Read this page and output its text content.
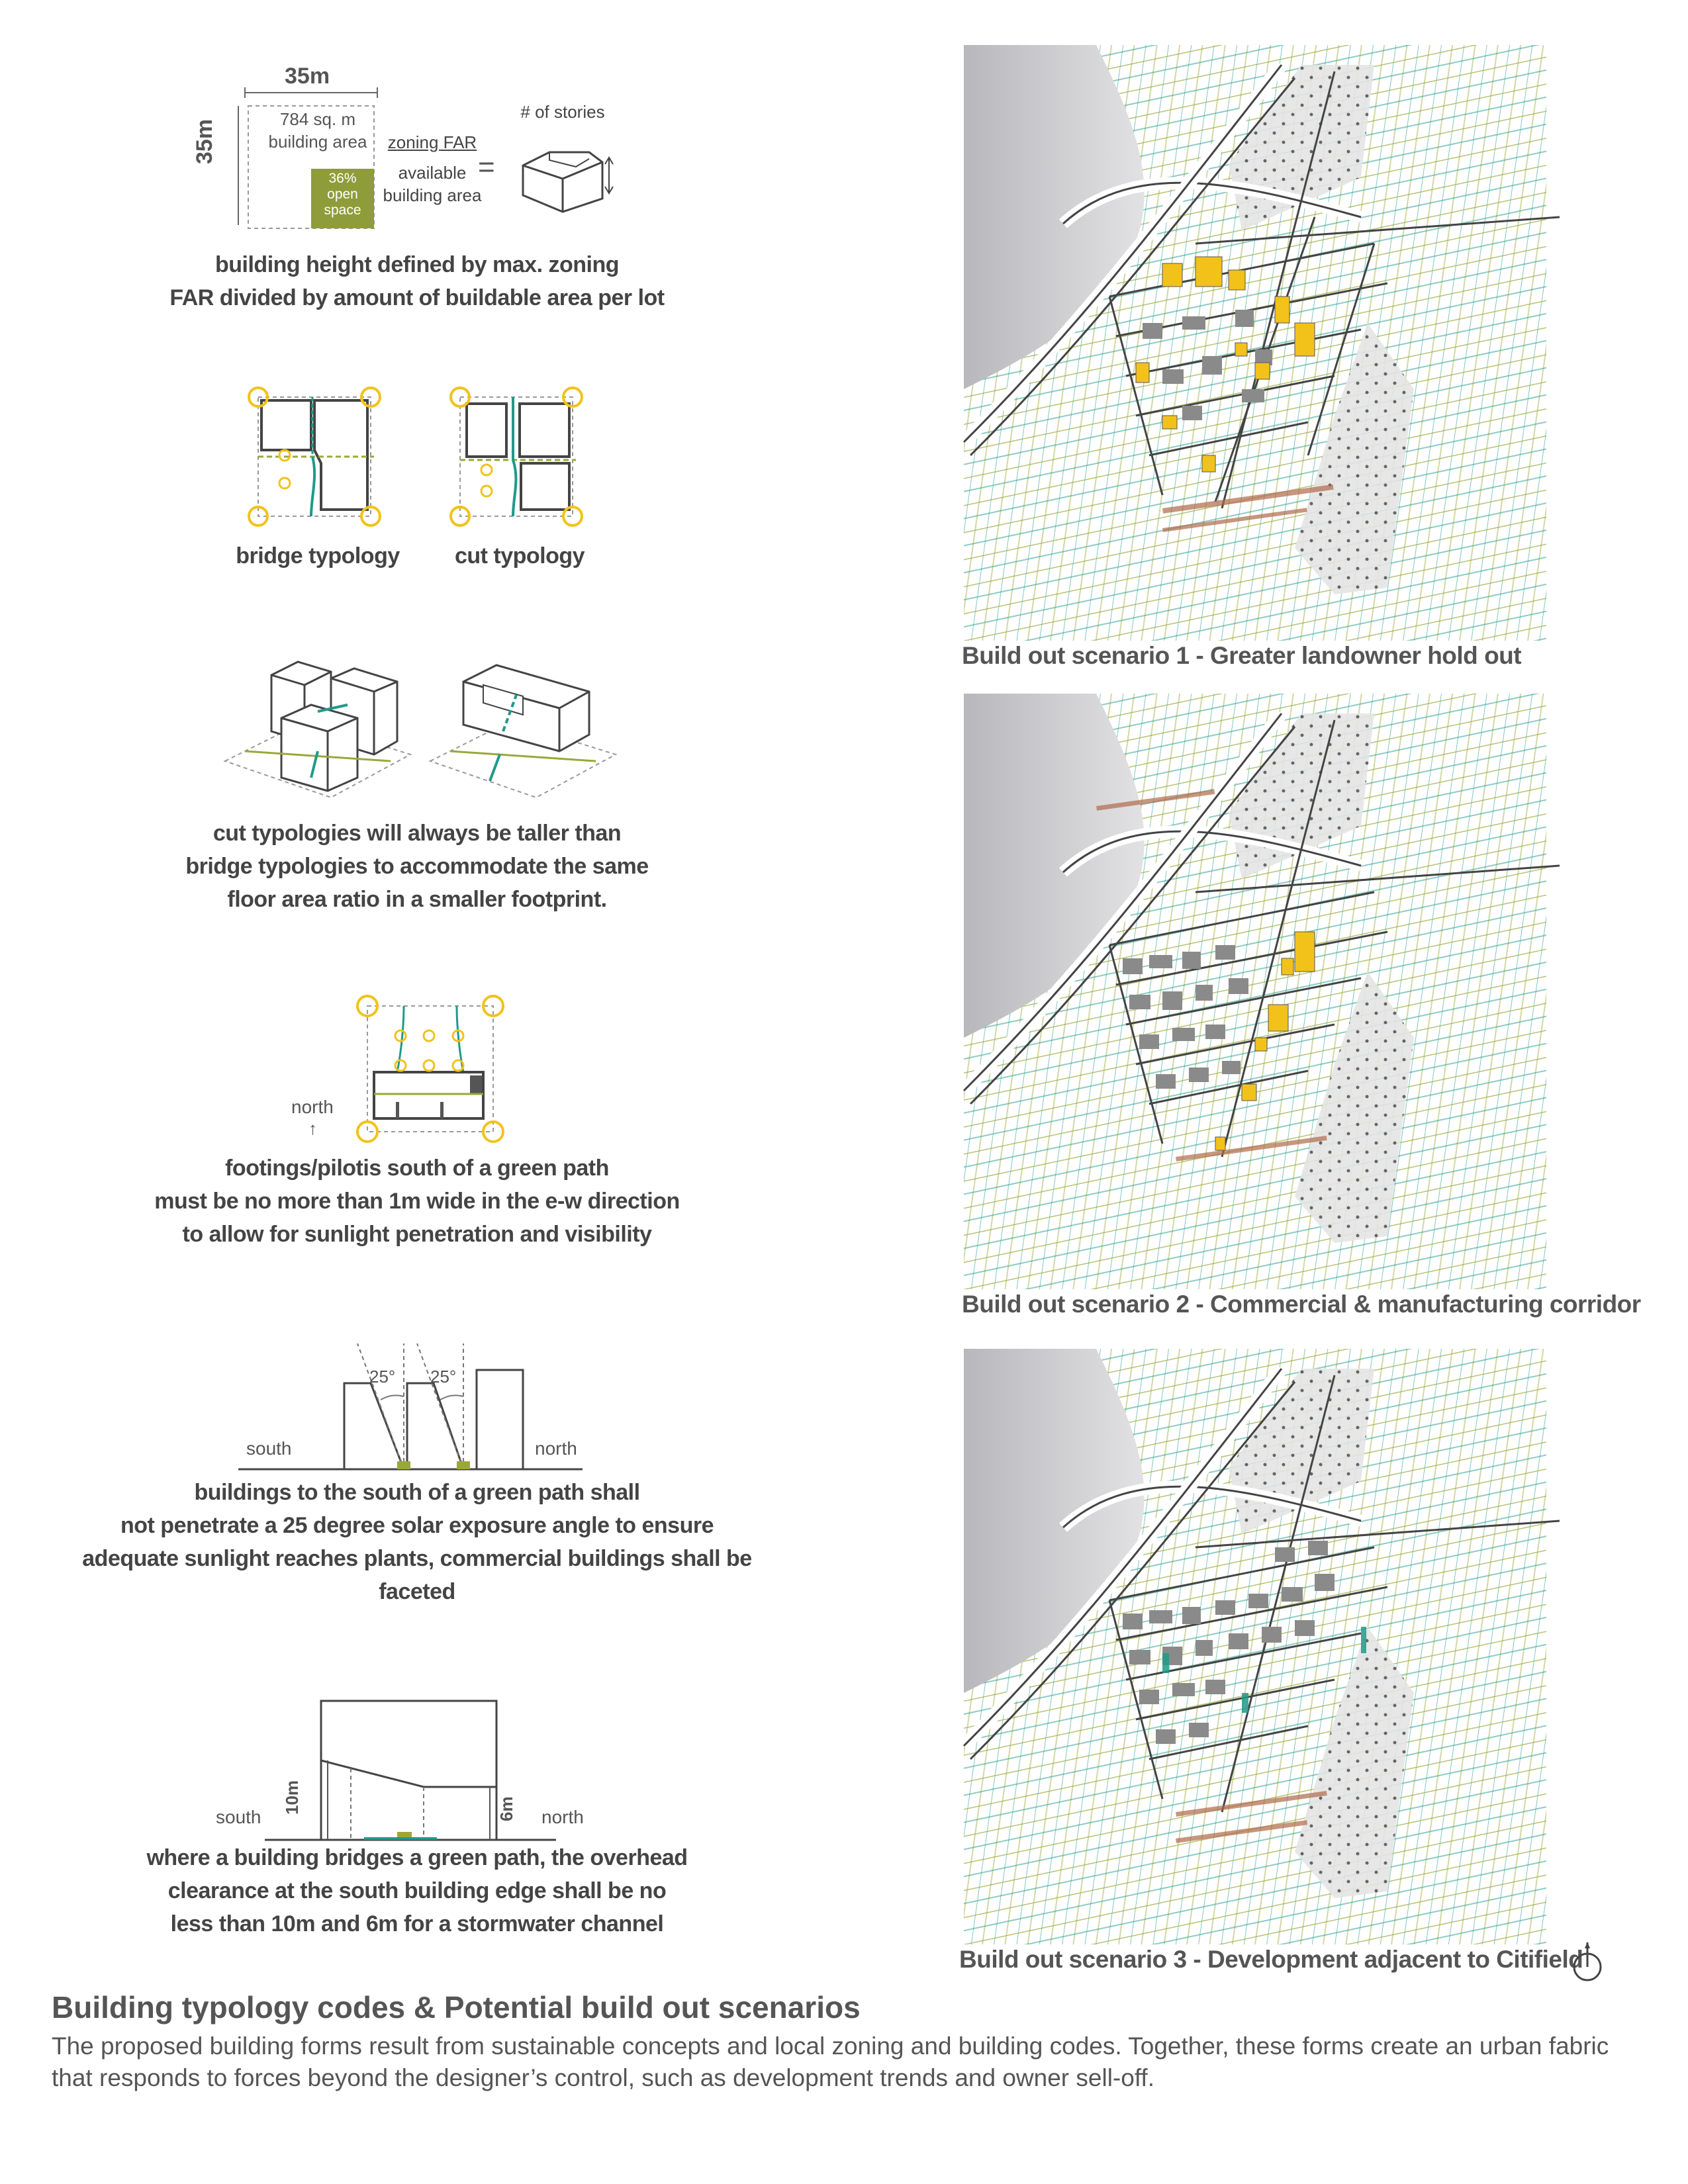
35m
35m	784 sq. m
building area
36%
open
space
zoning FAR
available
building area
=
# of stories
building height defined by max. zoning
FAR divided by amount of buildable area per lot
bridge typology	cut typology
cut typologies will always be taller than
bridge typologies to accommodate the same
floor area ratio in a smaller footprint.
north
↑
footings/pilotis south of a green path
must be no more than 1m wide in the e-w direction
to allow for sunlight penetration and visibility
25° 25°
south	north
buildings to the south of a green path shall
not penetrate a 25 degree solar exposure angle to ensure
adequate sunlight reaches plants, commercial buildings shall be
faceted
10m	6m
south	north
where a building bridges a green path, the overhead
clearance at the south building edge shall be no
less than 10m and 6m for a stormwater channel
Build out scenario 1 - Greater landowner hold out
Build out scenario 2 - Commercial & manufacturing corridor
Build out scenario 3 - Development adjacent to Citifield
Building typology codes & Potential build out scenarios
The proposed building forms result from sustainable concepts and local zoning and building codes. Together, these forms create an urban fabric that responds to forces beyond the designer’s control, such as development trends and owner sell-off.
